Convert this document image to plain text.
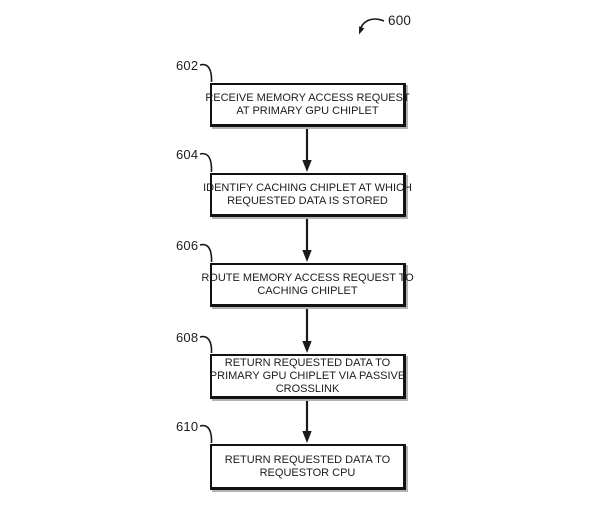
600
602
RECEIVE MEMORY ACCESS REQUEST
AT PRIMARY GPU CHIPLET
604
IDENTIFY CACHING CHIPLET AT WHICH
REQUESTED DATA IS STORED
606
ROUTE MEMORY ACCESS REQUEST TO
CACHING CHIPLET
608
RETURN REQUESTED DATA TO
PRIMARY GPU CHIPLET VIA PASSIVE
CROSSLINK
610
RETURN REQUESTED DATA TO
REQUESTOR CPU
